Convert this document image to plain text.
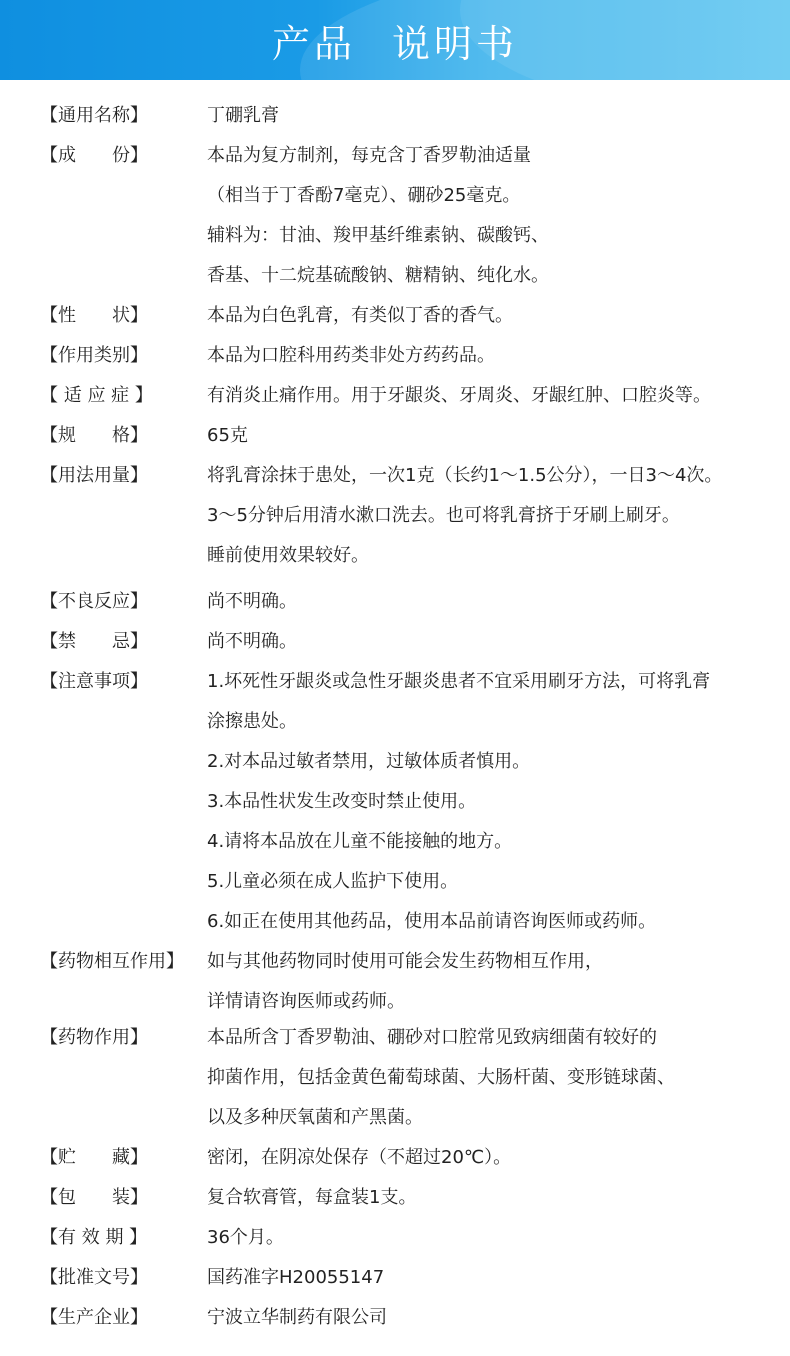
产品 说明书
【通用名称】	丁硼乳膏
【成　　份】	本品为复方制剂，每克含丁香罗勒油适量
（相当于丁香酚7毫克）、硼砂25毫克。
辅料为：甘油、羧甲基纤维素钠、碳酸钙、
香基、十二烷基硫酸钠、糖精钠、纯化水。
【性　　状】	本品为白色乳膏，有类似丁香的香气。
【作用类别】	本品为口腔科用药类非处方药药品。
【 适 应 症 】	有消炎止痛作用。用于牙龈炎、牙周炎、牙龈红肿、口腔炎等。
【规　　格】	65克
【用法用量】	将乳膏涂抹于患处，一次1克（长约1～1.5公分），一日3～4次。
3～5分钟后用清水漱口洗去。也可将乳膏挤于牙刷上刷牙。
睡前使用效果较好。
【不良反应】	尚不明确。
【禁　　忌】	尚不明确。
【注意事项】	1.坏死性牙龈炎或急性牙龈炎患者不宜采用刷牙方法，可将乳膏
涂擦患处。
2.对本品过敏者禁用，过敏体质者慎用。
3.本品性状发生改变时禁止使用。
4.请将本品放在儿童不能接触的地方。
5.儿童必须在成人监护下使用。
6.如正在使用其他药品，使用本品前请咨询医师或药师。
【药物相互作用】 如与其他药物同时使用可能会发生药物相互作用，
详情请咨询医师或药师。
【药物作用】	本品所含丁香罗勒油、硼砂对口腔常见致病细菌有较好的
抑菌作用，包括金黄色葡萄球菌、大肠杆菌、变形链球菌、
以及多种厌氧菌和产黑菌。
【贮　　藏】	密闭，在阴凉处保存（不超过20℃）。
【包　　装】	复合软膏管，每盒装1支。
【有 效 期 】	36个月。
【批准文号】	国药准字H20055147
【生产企业】	宁波立华制药有限公司
